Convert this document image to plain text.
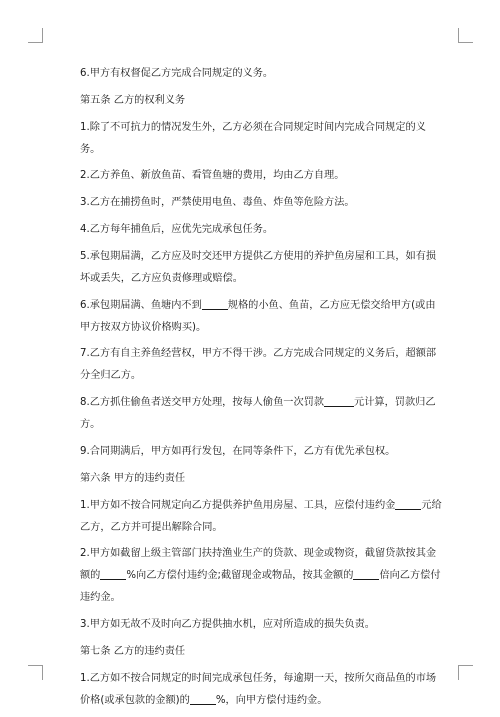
6.甲方有权督促乙方完成合同规定的义务。

第五条 乙方的权利义务

1.除了不可抗力的情况发生外，乙方必须在合同规定时间内完成合同规定的义务。

2.乙方养鱼、新放鱼苗、看管鱼塘的费用，均由乙方自理。

3.乙方在捕捞鱼时，严禁使用电鱼、毒鱼、炸鱼等危险方法。

4.乙方每年捕鱼后，应优先完成承包任务。

5.承包期届满，乙方应及时交还甲方提供乙方使用的养护鱼房屋和工具，如有损坏或丢失，乙方应负责修理或赔偿。

6.承包期届满、鱼塘内不到	规格的小鱼、鱼苗，乙方应无偿交给甲方(或由甲方按双方协议价格购买)。

7.乙方有自主养鱼经营权，甲方不得干涉。乙方完成合同规定的义务后，超额部分全归乙方。

8.乙方抓住偷鱼者送交甲方处理，按每人偷鱼一次罚款	元计算，罚款归乙方。

9.合同期满后，甲方如再行发包，在同等条件下，乙方有优先承包权。

第六条 甲方的违约责任

1.甲方如不按合同规定向乙方提供养护鱼用房屋、工具，应偿付违约金	元给乙方，乙方并可提出解除合同。

2.甲方如截留上级主管部门扶持渔业生产的贷款、现金或物资，截留贷款按其金额的	%向乙方偿付违约金;截留现金或物品，按其金额的	倍向乙方偿付违约金。

3.甲方如无故不及时向乙方提供抽水机，应对所造成的损失负责。

第七条 乙方的违约责任

1.乙方如不按合同规定的时间完成承包任务，每逾期一天，按所欠商品鱼的市场价格(或承包款的金额)的	%，向甲方偿付违约金。
